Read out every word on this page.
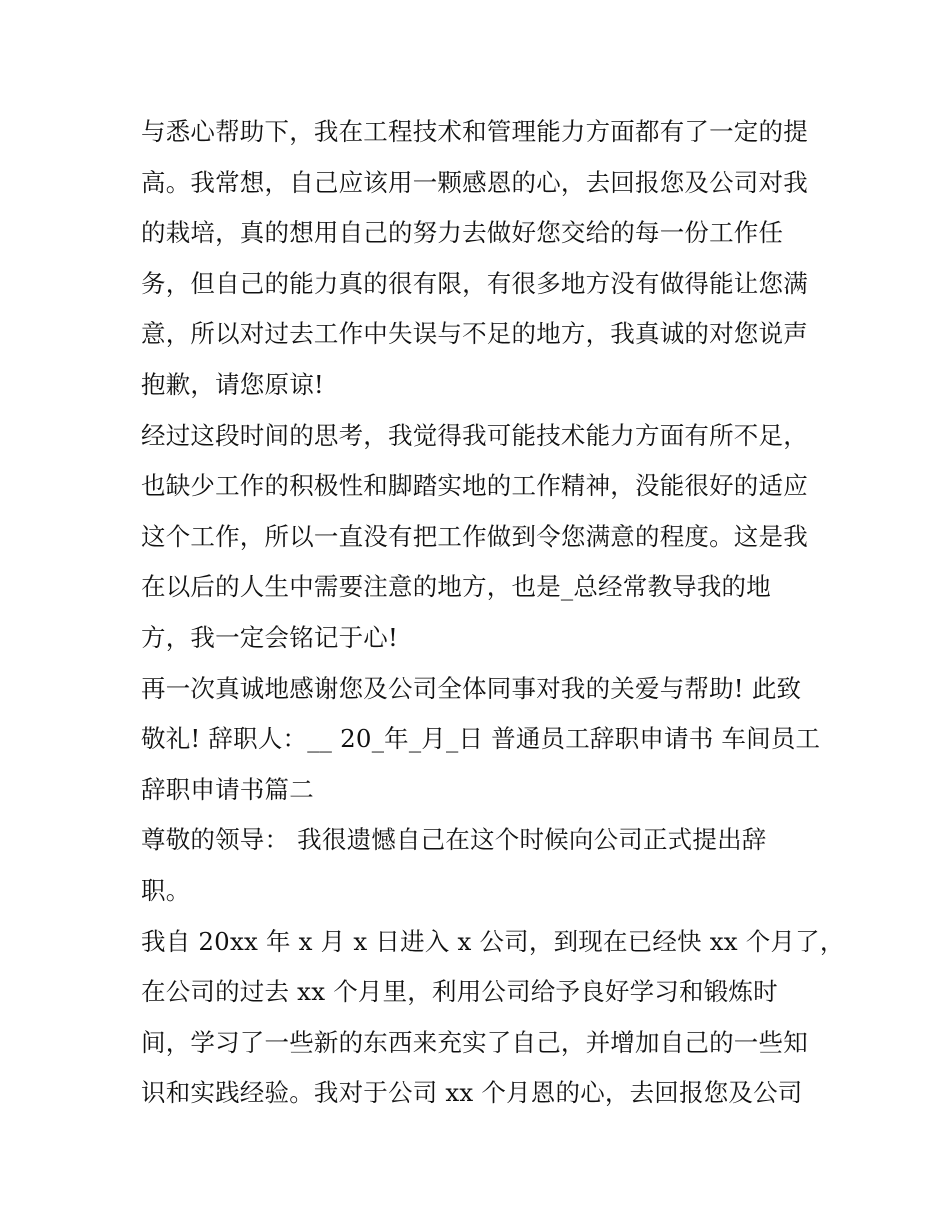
与悉心帮助下，我在工程技术和管理能力方面都有了一定的提
高。我常想，自己应该用一颗感恩的心，去回报您及公司对我
的栽培，真的想用自己的努力去做好您交给的每一份工作任
务，但自己的能力真的很有限，有很多地方没有做得能让您满
意，所以对过去工作中失误与不足的地方，我真诚的对您说声
抱歉，请您原谅!
经过这段时间的思考，我觉得我可能技术能力方面有所不足，
也缺少工作的积极性和脚踏实地的工作精神，没能很好的适应
这个工作，所以一直没有把工作做到令您满意的程度。这是我
在以后的人生中需要注意的地方，也是_总经常教导我的地
方，我一定会铭记于心!
再一次真诚地感谢您及公司全体同事对我的关爱与帮助! 此致
敬礼! 辞职人：__ 20_年_月_日 普通员工辞职申请书 车间员工
辞职申请书篇二
尊敬的领导： 我很遗憾自己在这个时候向公司正式提出辞
职。
我自 20xx 年 x 月 x 日进入 x 公司，到现在已经快 xx 个月了，
在公司的过去 xx 个月里，利用公司给予良好学习和锻炼时
间，学习了一些新的东西来充实了自己，并增加自己的一些知
识和实践经验。我对于公司 xx 个月恩的心，去回报您及公司
